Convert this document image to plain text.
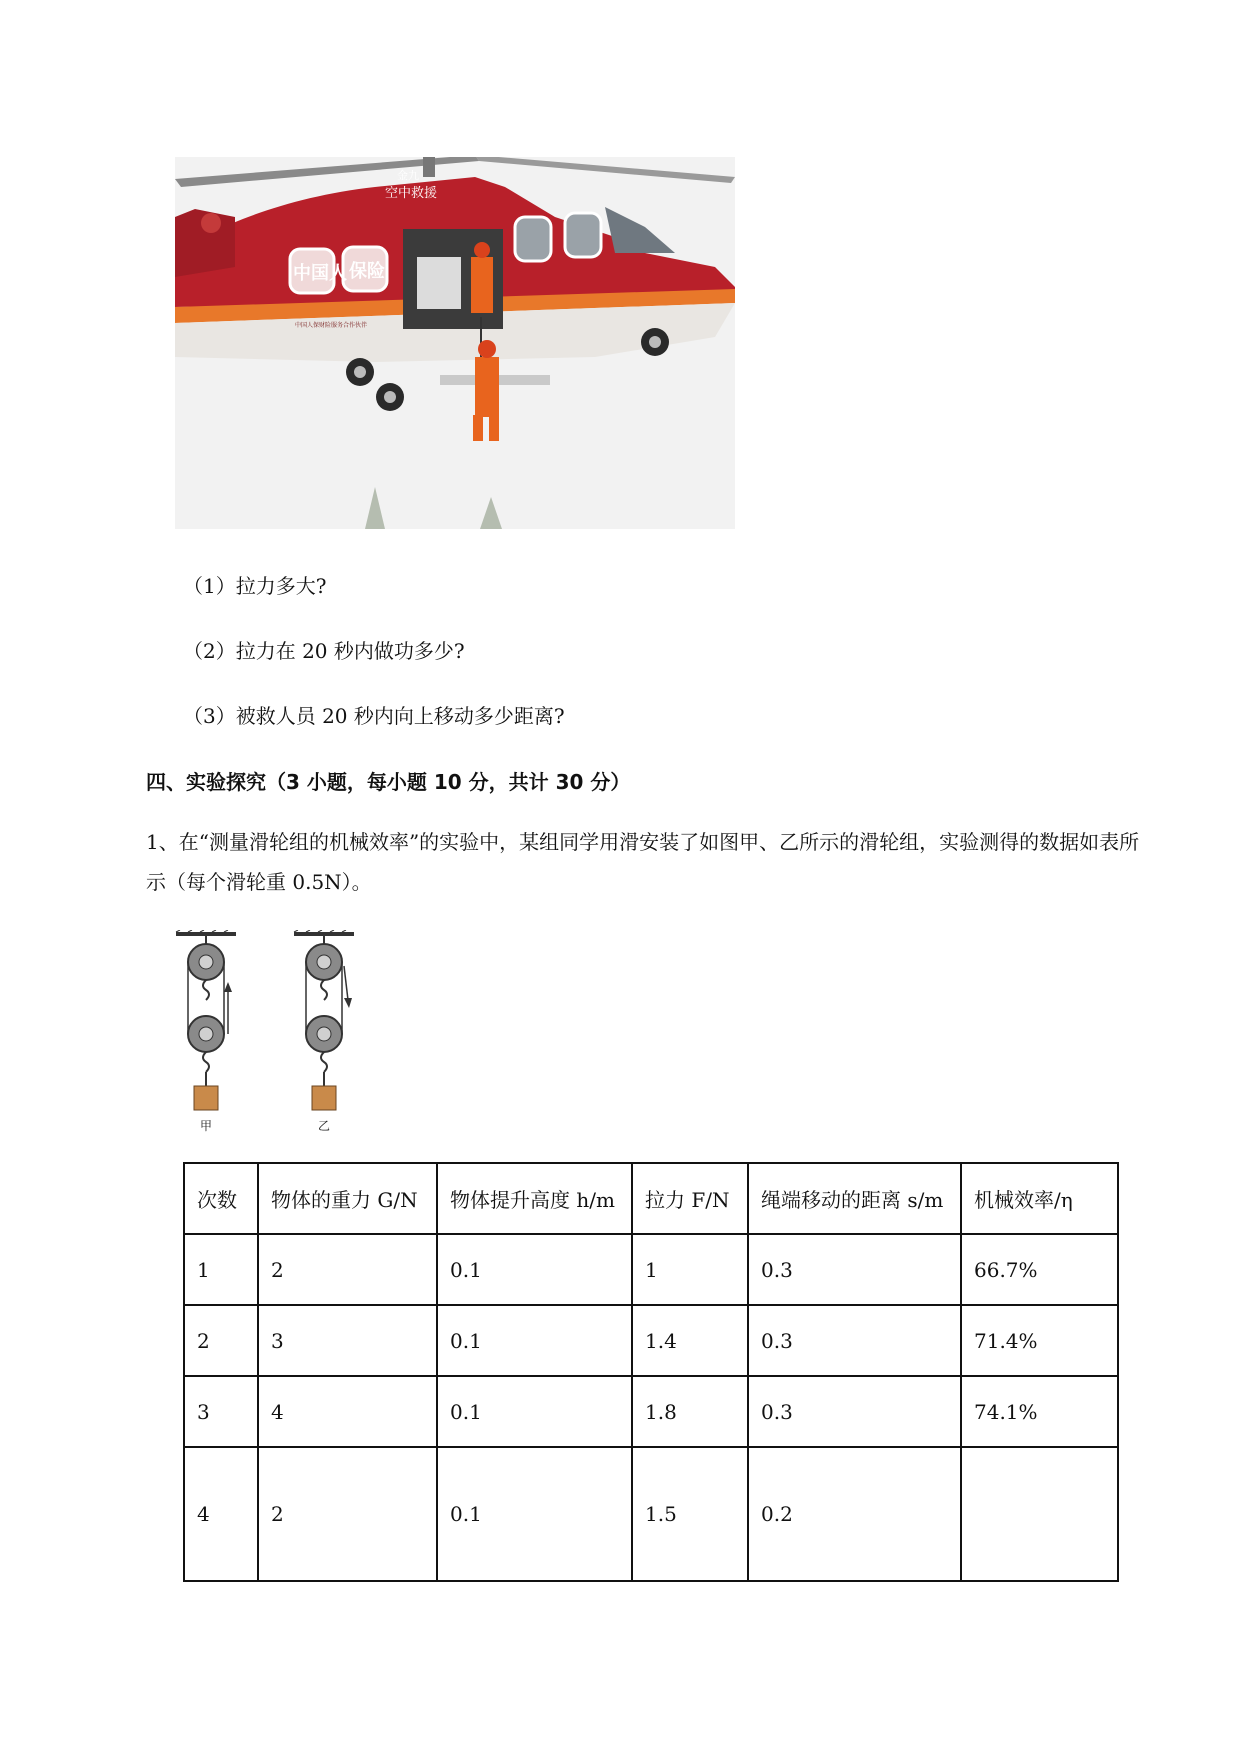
金九
空中救援
中国人 保险
中国人保财险服务合作伙伴
（1）拉力多大?
（2）拉力在 20 秒内做功多少?
（3）被救人员 20 秒内向上移动多少距离?
四、实验探究（3 小题，每小题 10 分，共计 30 分）
1、在“测量滑轮组的机械效率”的实验中，某组同学用滑安装了如图甲、乙所示的滑轮组，实验测得的数据如表所示（每个滑轮重 0.5N）。
甲	乙
次数	物体的重力 G/N	物体提升高度 h/m	拉力 F/N	绳端移动的距离 s/m	机械效率/η
1	2	0.1	1	0.3	66.7%
2	3	0.1	1.4	0.3	71.4%
3	4	0.1	1.8	0.3	74.1%
4	2	0.1	1.5	0.2	
